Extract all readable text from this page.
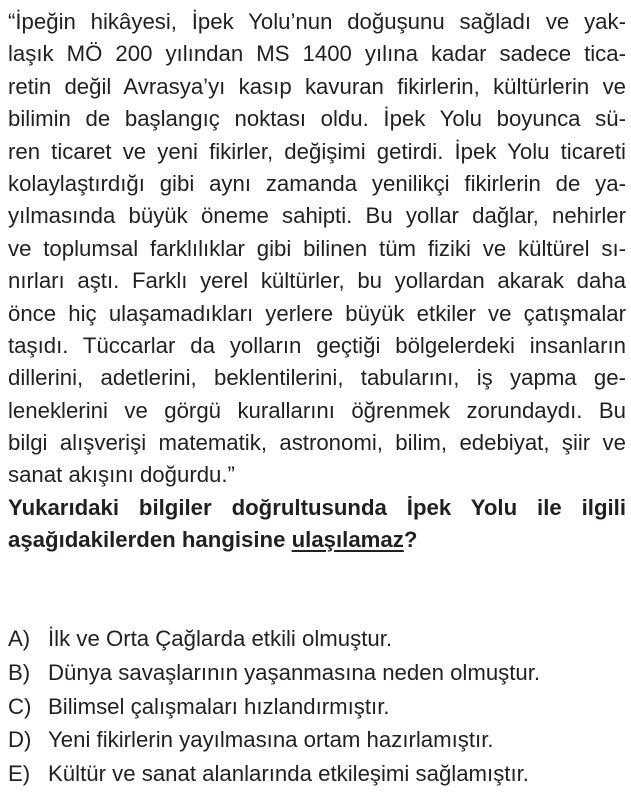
“İpeğin hikâyesi, İpek Yolu’nun doğuşunu sağladı ve yak-
laşık MÖ 200 yılından MS 1400 yılına kadar sadece tica-
retin değil Avrasya’yı kasıp kavuran fikirlerin, kültürlerin ve
bilimin de başlangıç noktası oldu. İpek Yolu boyunca sü-
ren ticaret ve yeni fikirler, değişimi getirdi. İpek Yolu ticareti
kolaylaştırdığı gibi aynı zamanda yenilikçi fikirlerin de ya-
yılmasında büyük öneme sahipti. Bu yollar dağlar, nehirler
ve toplumsal farklılıklar gibi bilinen tüm fiziki ve kültürel sı-
nırları aştı. Farklı yerel kültürler, bu yollardan akarak daha
önce hiç ulaşamadıkları yerlere büyük etkiler ve çatışmalar
taşıdı. Tüccarlar da yolların geçtiği bölgelerdeki insanların
dillerini, adetlerini, beklentilerini, tabularını, iş yapma ge-
leneklerini ve görgü kurallarını öğrenmek zorundaydı. Bu
bilgi alışverişi matematik, astronomi, bilim, edebiyat, şiir ve
sanat akışını doğurdu.”
Yukarıdaki bilgiler doğrultusunda İpek Yolu ile ilgili
aşağıdakilerden hangisine ulaşılamaz?
A) İlk ve Orta Çağlarda etkili olmuştur.
B) Dünya savaşlarının yaşanmasına neden olmuştur.
C) Bilimsel çalışmaları hızlandırmıştır.
D) Yeni fikirlerin yayılmasına ortam hazırlamıştır.
E) Kültür ve sanat alanlarında etkileşimi sağlamıştır.
